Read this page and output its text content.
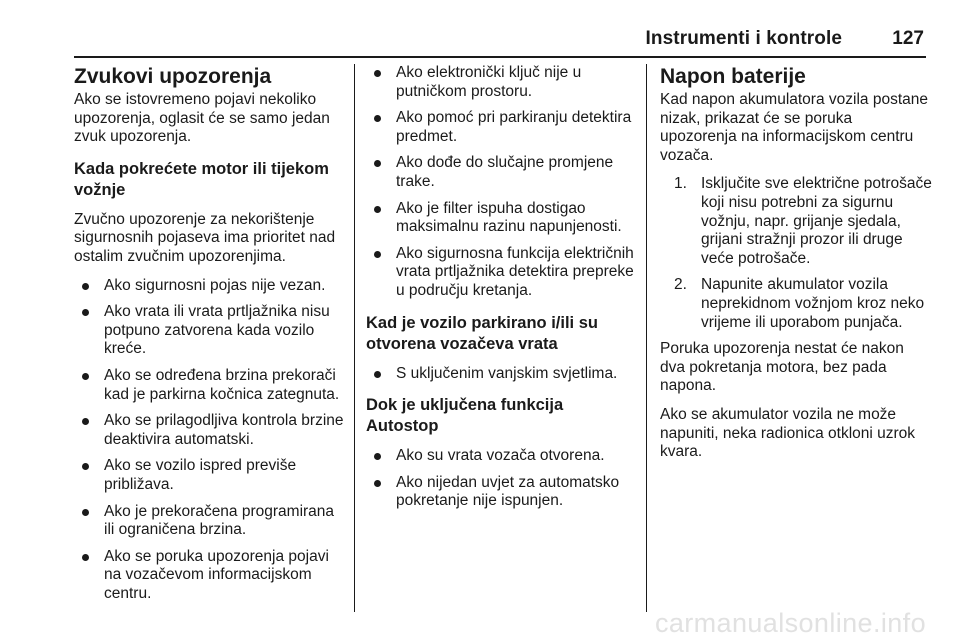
Instrumenti i kontrole	127
Zvukovi upozorenja

Ako se istovremeno pojavi nekoliko upozorenja, oglasit će se samo jedan zvuk upozorenja.

Kada pokrećete motor ili tijekom vožnje

Zvučno upozorenje za nekorištenje sigurnosnih pojaseva ima prioritet nad ostalim zvučnim upozorenjima.

Ako sigurnosni pojas nije vezan.
Ako vrata ili vrata prtljažnika nisu potpuno zatvorena kada vozilo kreće.
Ako se određena brzina prekorači kad je parkirna kočnica zategnuta.
Ako se prilagodljiva kontrola brzine deaktivira automatski.
Ako se vozilo ispred previše približava.
Ako je prekoračena programirana ili ograničena brzina.
Ako se poruka upozorenja pojavi na vozačevom informacijskom centru.
Ako elektronički ključ nije u putničkom prostoru.
Ako pomoć pri parkiranju detektira predmet.
Ako dođe do slučajne promjene trake.
Ako je filter ispuha dostigao maksimalnu razinu napunjenosti.
Ako sigurnosna funkcija električnih vrata prtljažnika detektira prepreke u području kretanja.
Kad je vozilo parkirano i/ili su otvorena vozačeva vrata
S uključenim vanjskim svjetlima.
Dok je uključena funkcija Autostop
Ako su vrata vozača otvorena.
Ako nijedan uvjet za automatsko pokretanje nije ispunjen.
Napon baterije

Kad napon akumulatora vozila postane nizak, prikazat će se poruka upozorenja na informacijskom centru vozača.

1. Isključite sve električne potrošače koji nisu potrebni za sigurnu vožnju, napr. grijanje sjedala, grijani stražnji prozor ili druge veće potrošače.
2. Napunite akumulator vozila neprekidnom vožnjom kroz neko vrijeme ili uporabom punjača.

Poruka upozorenja nestat će nakon dva pokretanja motora, bez pada napona.

Ako se akumulator vozila ne može napuniti, neka radionica otkloni uzrok kvara.

carmanualsonline.info
